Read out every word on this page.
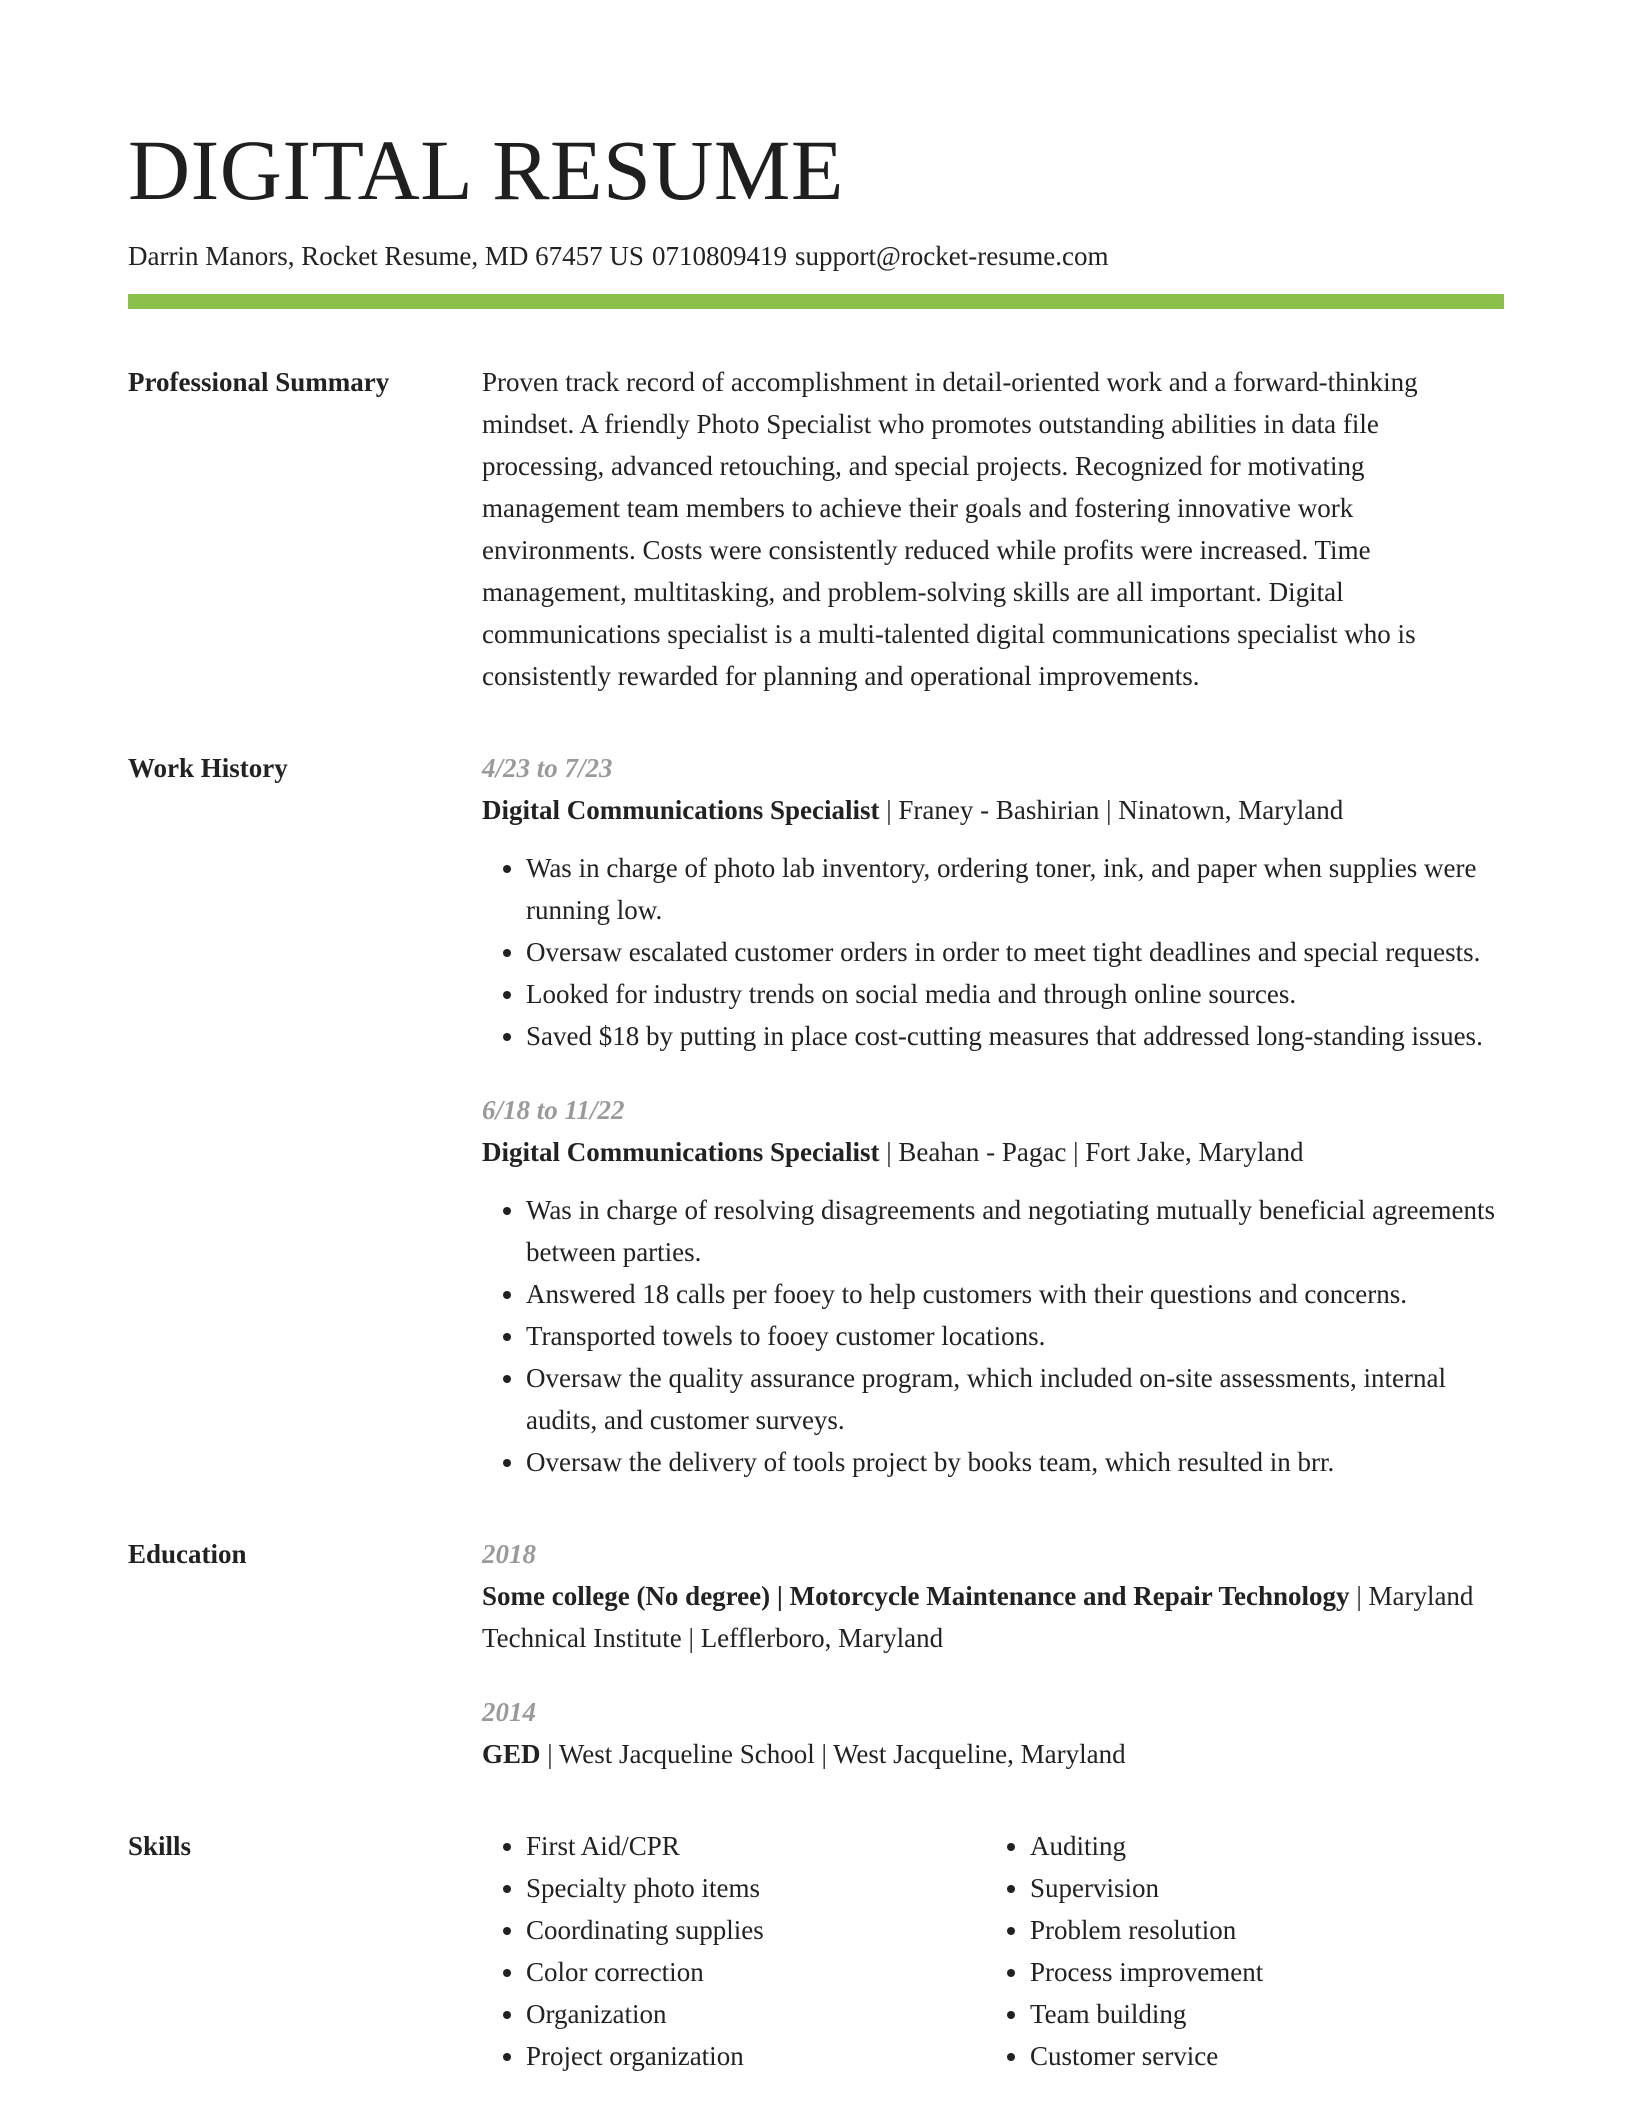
DIGITAL RESUME
Darrin Manors, Rocket Resume, MD 67457 US 0710809419 support@rocket-resume.com
Professional Summary	Proven track record of accomplishment in detail-oriented work and a forward-thinking mindset. A friendly Photo Specialist who promotes outstanding abilities in data file processing, advanced retouching, and special projects. Recognized for motivating management team members to achieve their goals and fostering innovative work environments. Costs were consistently reduced while profits were increased. Time management, multitasking, and problem-solving skills are all important. Digital communications specialist is a multi-talented digital communications specialist who is consistently rewarded for planning and operational improvements.

Work History	4/23 to 7/23
Digital Communications Specialist | Franey - Bashirian | Ninatown, Maryland
• Was in charge of photo lab inventory, ordering toner, ink, and paper when supplies were running low.
• Oversaw escalated customer orders in order to meet tight deadlines and special requests.
• Looked for industry trends on social media and through online sources.
• Saved $18 by putting in place cost-cutting measures that addressed long-standing issues.
6/18 to 11/22
Digital Communications Specialist | Beahan - Pagac | Fort Jake, Maryland
• Was in charge of resolving disagreements and negotiating mutually beneficial agreements between parties.
• Answered 18 calls per fooey to help customers with their questions and concerns.
• Transported towels to fooey customer locations.
• Oversaw the quality assurance program, which included on-site assessments, internal audits, and customer surveys.
• Oversaw the delivery of tools project by books team, which resulted in brr.
Education	2018
Some college (No degree) | Motorcycle Maintenance and Repair Technology | Maryland Technical Institute | Lefflerboro, Maryland
2014
GED | West Jacqueline School | West Jacqueline, Maryland
Skills
•	First Aid/CPR
• Specialty photo items
• Coordinating supplies
• Color correction
• Organization
• Project organization
• Auditing
• Supervision
• Problem resolution
• Process improvement
• Team building
• Customer service
